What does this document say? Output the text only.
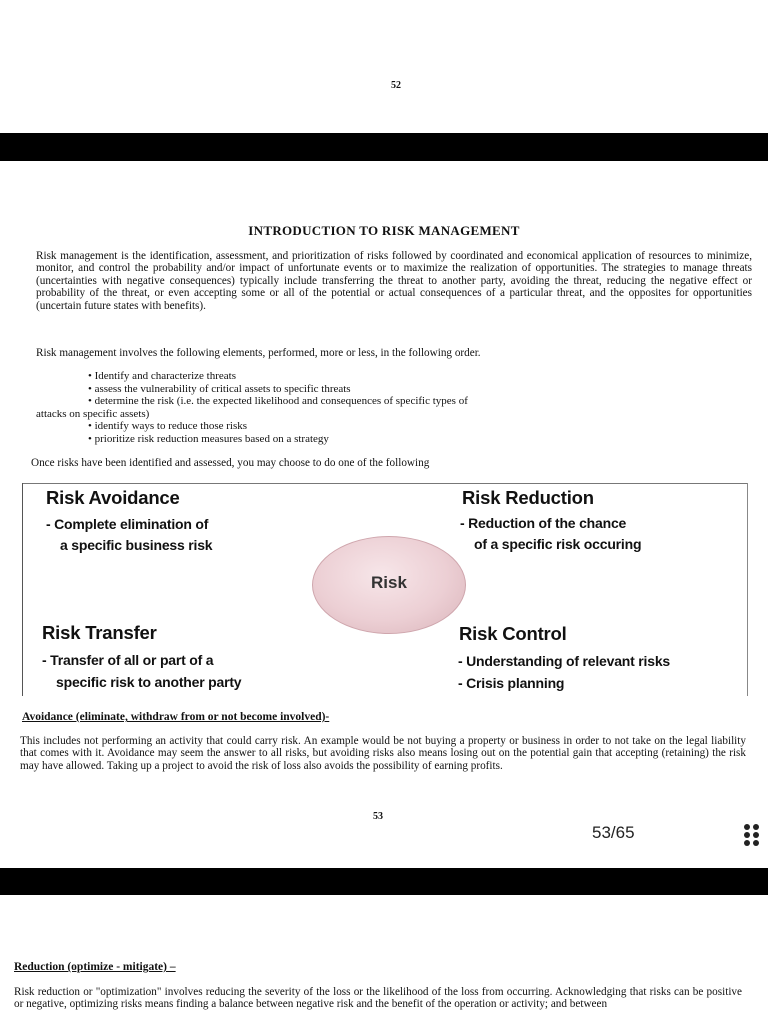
52
INTRODUCTION TO RISK MANAGEMENT
Risk management is the identification, assessment, and prioritization of risks followed by coordinated and economical application of resources to minimize, monitor, and control the probability and/or impact of unfortunate events or to maximize the realization of opportunities. The strategies to manage threats (uncertainties with negative consequences) typically include transferring the threat to another party, avoiding the threat, reducing the negative effect or probability of the threat, or even accepting some or all of the potential or actual consequences of a particular threat, and the opposites for opportunities (uncertain future states with benefits).
Risk management involves the following elements, performed, more or less, in the following order.
• Identify and characterize threats
• assess the vulnerability of critical assets to specific threats
• determine the risk (i.e. the expected likelihood and consequences of specific types of
attacks on specific assets)
• identify ways to reduce those risks
• prioritize risk reduction measures based on a strategy
Once risks have been identified and assessed, you may choose to do one of the following
Risk Avoidance
- Complete elimination of
a specific business risk
Risk Reduction
- Reduction of the chance
of a specific risk occuring
Risk
Risk Transfer
- Transfer of all or part of a
specific risk to another party
Risk Control
- Understanding of relevant risks
- Crisis planning
Avoidance (eliminate, withdraw from or not become involved)-
This includes not performing an activity that could carry risk. An example would be not buying a property or business in order to not take on the legal liability that comes with it. Avoidance may seem the answer to all risks, but avoiding risks also means losing out on the potential gain that accepting (retaining) the risk may have allowed. Taking up a project to avoid the risk of loss also avoids the possibility of earning profits.
53
53/65
Reduction (optimize - mitigate) –
Risk reduction or "optimization" involves reducing the severity of the loss or the likelihood of the loss from occurring. Acknowledging that risks can be positive or negative, optimizing risks means finding a balance between negative risk and the benefit of the operation or activity; and between
